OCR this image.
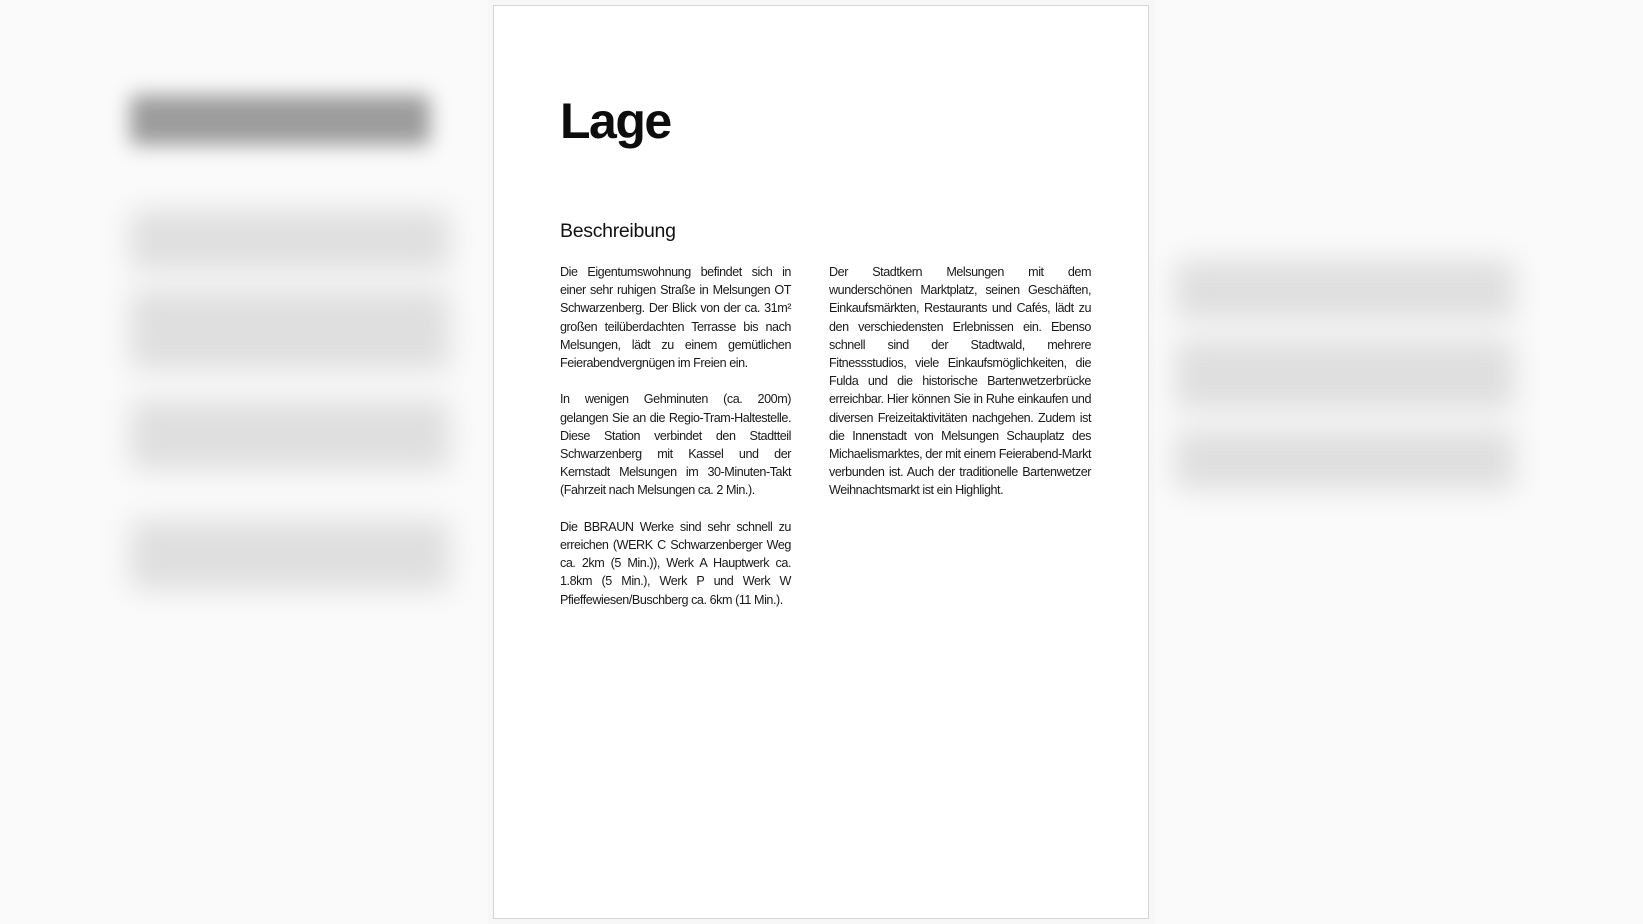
Lage
Beschreibung

Die Eigentumswohnung befindet sich in einer sehr ruhigen Straße in Melsungen OT Schwarzenberg. Der Blick von der ca. 31m² großen teilüberdachten Terrasse bis nach Melsungen, lädt zu einem gemütlichen Feierabendvergnügen im Freien ein.

In wenigen Gehminuten (ca. 200m) gelangen Sie an die Regio-Tram-Haltestelle. Diese Station verbindet den Stadtteil Schwarzenberg mit Kassel und der Kernstadt Melsungen im 30-Minuten-Takt (Fahrzeit nach Melsungen ca. 2 Min.).

Die BBRAUN Werke sind sehr schnell zu erreichen (WERK C Schwarzenberger Weg ca. 2km (5 Min.)), Werk A Hauptwerk ca. 1.8km (5 Min.), Werk P und Werk W Pfieffewiesen/Buschberg ca. 6km (11 Min.).

Der Stadtkern Melsungen mit dem wunderschönen Marktplatz, seinen Geschäften, Einkaufsmärkten, Restaurants und Cafés, lädt zu den verschiedensten Erlebnissen ein. Ebenso schnell sind der Stadtwald, mehrere Fitnessstudios, viele Einkaufsmöglichkeiten, die Fulda und die historische Bartenwetzerbrücke erreichbar. Hier können Sie in Ruhe einkaufen und diversen Freizeitaktivitäten nachgehen. Zudem ist die Innenstadt von Melsungen Schauplatz des Michaelismarktes, der mit einem Feierabend-Markt verbunden ist. Auch der traditionelle Bartenwetzer Weihnachtsmarkt ist ein Highlight.
